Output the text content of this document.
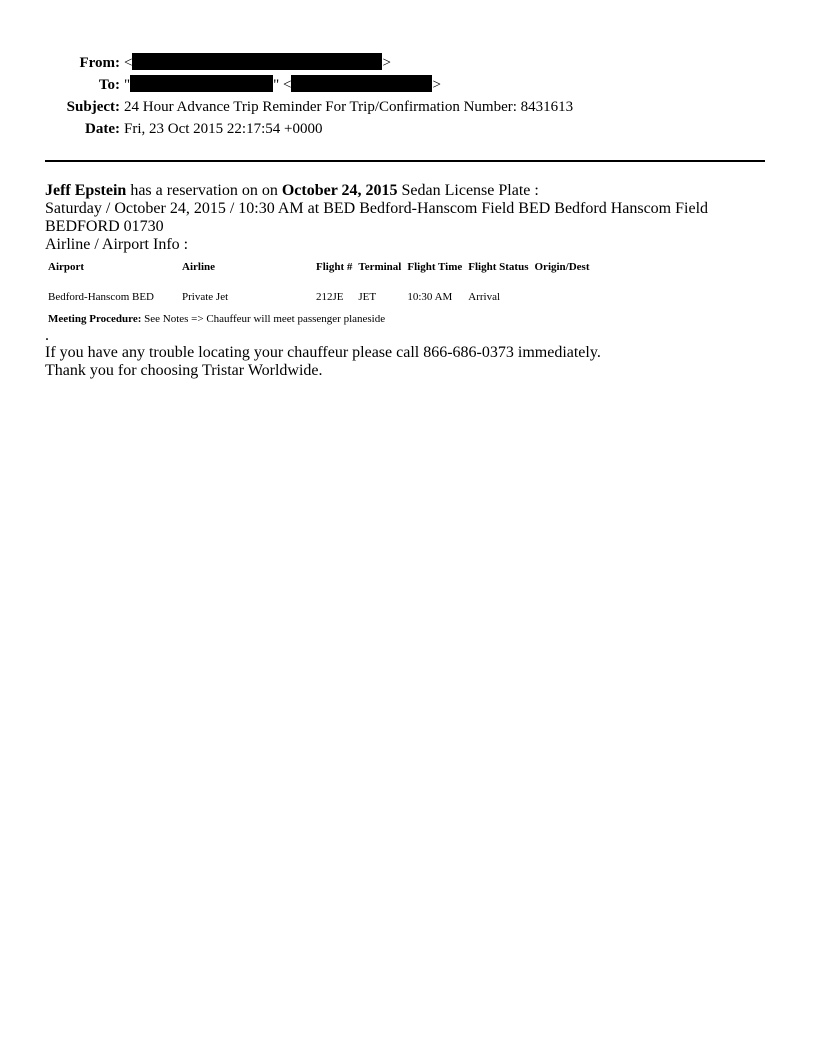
From: <	>
To: "	" <	>
Subject: 24 Hour Advance Trip Reminder For Trip/Confirmation Number: 8431613
Date: Fri, 23 Oct 2015 22:17:54 +0000
Jeff Epstein has a reservation on on October 24, 2015 Sedan License Plate :
Saturday / October 24, 2015 / 10:30 AM at BED Bedford-Hanscom Field BED Bedford Hanscom Field
BEDFORD 01730
Airline / Airport Info :
Airport	Airline	Flight #	Terminal	Flight Time	Flight Status	Origin/Dest
Bedford-Hanscom BED	Private Jet	212JE	JET	10:30 AM	Arrival	
Meeting Procedure: See Notes => Chauffeur will meet passenger planeside
.
If you have any trouble locating your chauffeur please call 866-686-0373 immediately.
Thank you for choosing Tristar Worldwide.
